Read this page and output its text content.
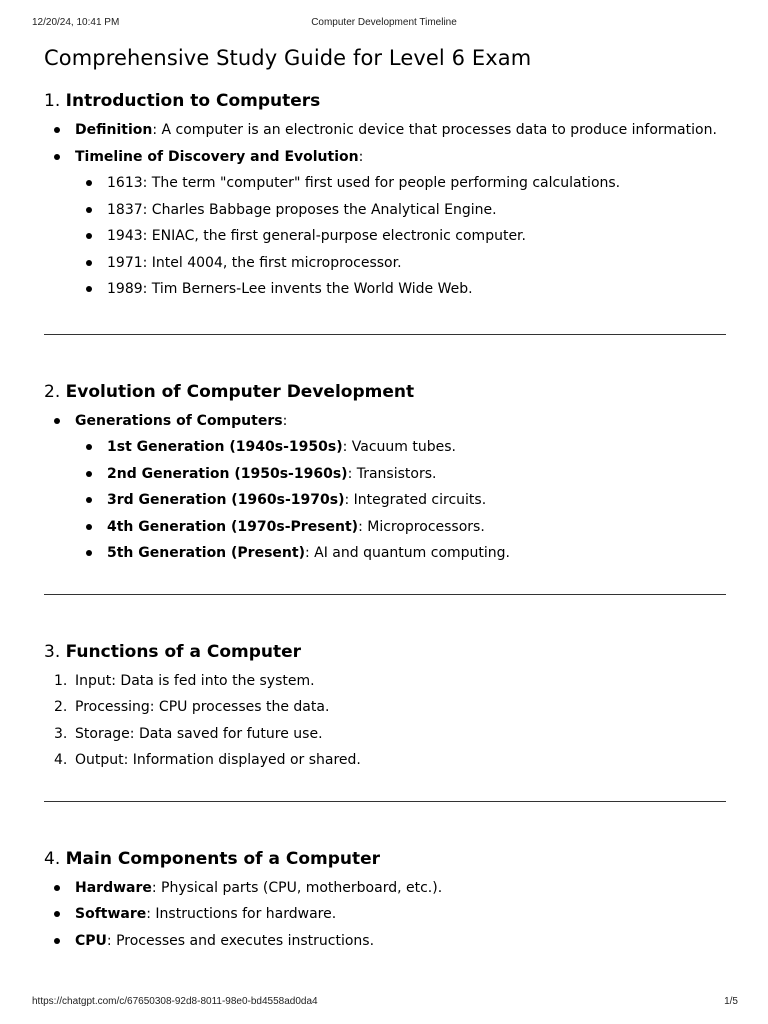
12/20/24, 10:41 PM	Computer Development Timeline
Comprehensive Study Guide for Level 6 Exam
1. Introduction to Computers
Definition: A computer is an electronic device that processes data to produce information.
Timeline of Discovery and Evolution:
1613: The term "computer" first used for people performing calculations.
1837: Charles Babbage proposes the Analytical Engine.
1943: ENIAC, the first general-purpose electronic computer.
1971: Intel 4004, the first microprocessor.
1989: Tim Berners-Lee invents the World Wide Web.
2. Evolution of Computer Development
Generations of Computers:
1st Generation (1940s-1950s): Vacuum tubes.
2nd Generation (1950s-1960s): Transistors.
3rd Generation (1960s-1970s): Integrated circuits.
4th Generation (1970s-Present): Microprocessors.
5th Generation (Present): AI and quantum computing.
3. Functions of a Computer
1. Input: Data is fed into the system.
2. Processing: CPU processes the data.
3. Storage: Data saved for future use.
4. Output: Information displayed or shared.
4. Main Components of a Computer
Hardware: Physical parts (CPU, motherboard, etc.).
Software: Instructions for hardware.
CPU: Processes and executes instructions.
https://chatgpt.com/c/67650308-92d8-8011-98e0-bd4558ad0da4	1/5
